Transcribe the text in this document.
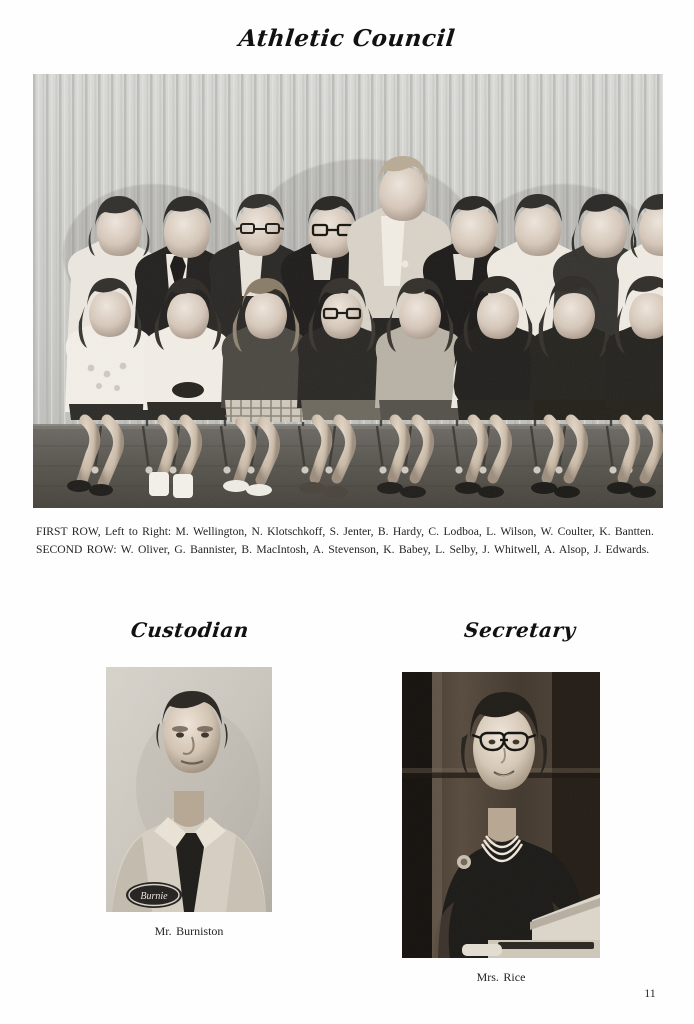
Athletic Council
FIRST ROW, Left to Right: M. Wellington, N. Klotschkoff, S. Jenter, B. Hardy, C. Lodboa, L. Wilson, W. Coulter, K. Bantten. SECOND ROW: W. Oliver, G. Bannister, B. MacIntosh, A. Stevenson, K. Babey, L. Selby, J. Whitwell, A. Alsop, J. Edwards.
Custodian
Mr. Burniston
Secretary
Mrs. Rice
11
